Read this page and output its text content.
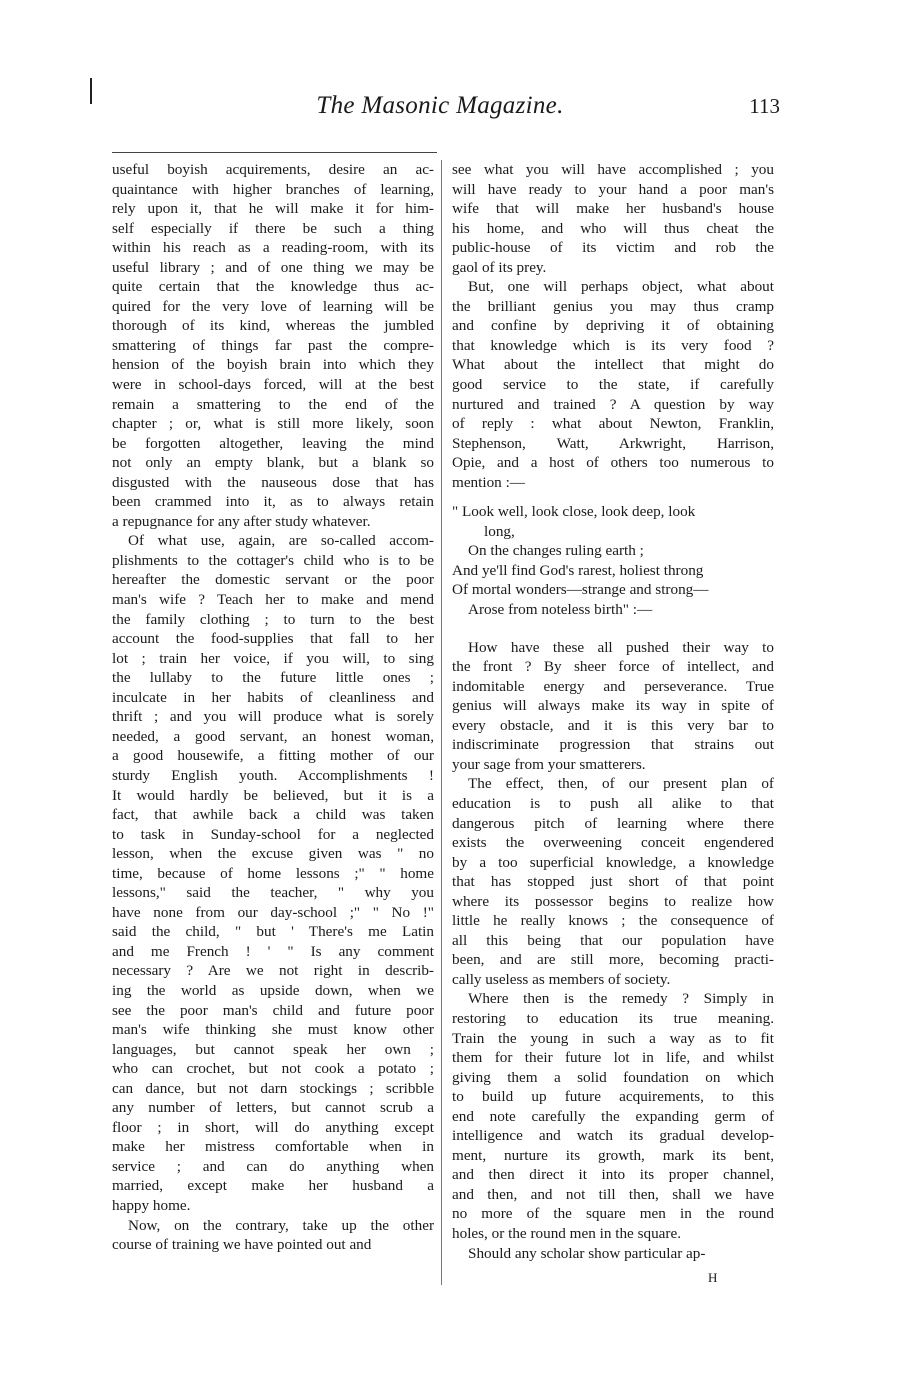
The Masonic Magazine.	113
useful boyish acquirements, desire an ac-
quaintance with higher branches of learning,
rely upon it, that he will make it for him-
self especially if there be such a thing
within his reach as a reading-room, with its
useful library ; and of one thing we may be
quite certain that the knowledge thus ac-
quired for the very love of learning will be
thorough of its kind, whereas the jumbled
smattering of things far past the compre-
hension of the boyish brain into which they
were in school-days forced, will at the best
remain a smattering to the end of the
chapter ; or, what is still more likely, soon
be forgotten altogether, leaving the mind
not only an empty blank, but a blank so
disgusted with the nauseous dose that has
been crammed into it, as to always retain
a repugnance for any after study whatever.
Of what use, again, are so-called accom-
plishments to the cottager's child who is to be
hereafter the domestic servant or the poor
man's wife ? Teach her to make and mend
the family clothing ; to turn to the best
account the food-supplies that fall to her
lot ; train her voice, if you will, to sing
the lullaby to the future little ones ;
inculcate in her habits of cleanliness and
thrift ; and you will produce what is sorely
needed, a good servant, an honest woman,
a good housewife, a fitting mother of our
sturdy English youth. Accomplishments !
It would hardly be believed, but it is a
fact, that awhile back a child was taken
to task in Sunday-school for a neglected
lesson, when the excuse given was " no
time, because of home lessons ;" " home
lessons," said the teacher, " why you
have none from our day-school ;" " No !"
said the child, " but ' There's me Latin
and me French ! ' " Is any comment
necessary ? Are we not right in describ-
ing the world as upside down, when we
see the poor man's child and future poor
man's wife thinking she must know other
languages, but cannot speak her own ;
who can crochet, but not cook a potato ;
can dance, but not darn stockings ; scribble
any number of letters, but cannot scrub a
floor ; in short, will do anything except
make her mistress comfortable when in
service ; and can do anything when
married, except make her husband a
happy home.
Now, on the contrary, take up the other
course of training we have pointed out and
see what you will have accomplished ; you
will have ready to your hand a poor man's
wife that will make her husband's house
his home, and who will thus cheat the
public-house of its victim and rob the
gaol of its prey.
But, one will perhaps object, what about
the brilliant genius you may thus cramp
and confine by depriving it of obtaining
that knowledge which is its very food ?
What about the intellect that might do
good service to the state, if carefully
nurtured and trained ? A question by way
of reply : what about Newton, Franklin,
Stephenson, Watt, Arkwright, Harrison,
Opie, and a host of others too numerous to
mention :—
" Look well, look close, look deep, look
long,
On the changes ruling earth ;
And ye'll find God's rarest, holiest throng
Of mortal wonders—strange and strong—
Arose from noteless birth" :—
How have these all pushed their way to
the front ? By sheer force of intellect, and
indomitable energy and perseverance. True
genius will always make its way in spite of
every obstacle, and it is this very bar to
indiscriminate progression that strains out
your sage from your smatterers.
The effect, then, of our present plan of
education is to push all alike to that
dangerous pitch of learning where there
exists the overweening conceit engendered
by a too superficial knowledge, a knowledge
that has stopped just short of that point
where its possessor begins to realize how
little he really knows ; the consequence of
all this being that our population have
been, and are still more, becoming practi-
cally useless as members of society.
Where then is the remedy ? Simply in
restoring to education its true meaning.
Train the young in such a way as to fit
them for their future lot in life, and whilst
giving them a solid foundation on which
to build up future acquirements, to this
end note carefully the expanding germ of
intelligence and watch its gradual develop-
ment, nurture its growth, mark its bent,
and then direct it into its proper channel,
and then, and not till then, shall we have
no more of the square men in the round
holes, or the round men in the square.
Should any scholar show particular ap-
H
